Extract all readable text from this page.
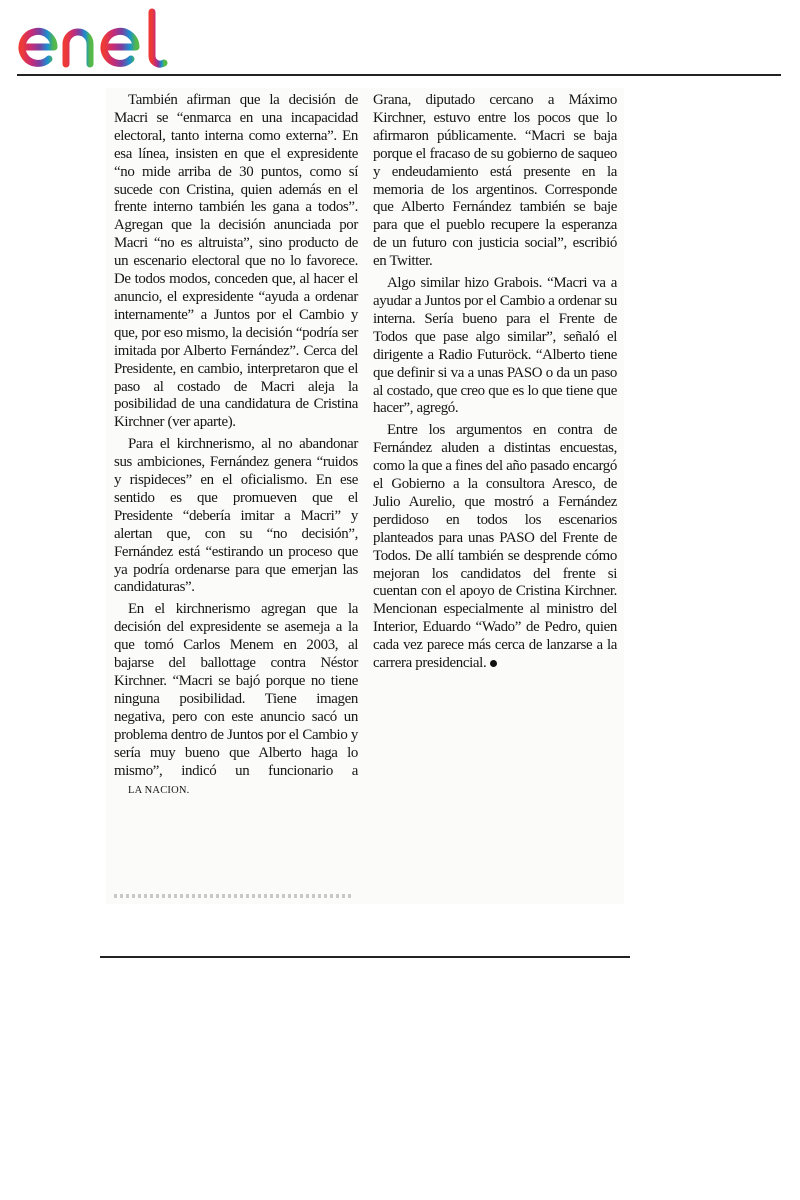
También afirman que la decisión de Macri se “enmarca en una incapacidad electoral, tanto interna como externa”. En esa línea, insisten en que el expresidente “no mide arriba de 30 puntos, como sí sucede con Cristina, quien además en el frente interno también les gana a todos”. Agregan que la decisión anunciada por Macri “no es altruista”, sino producto de un escenario electoral que no lo favorece. De todos modos, conceden que, al hacer el anuncio, el expresidente “ayuda a ordenar internamente” a Juntos por el Cambio y que, por eso mismo, la decisión “podría ser imitada por Alberto Fernández”. Cerca del Presidente, en cambio, interpretaron que el paso al costado de Macri aleja la posibilidad de una candidatura de Cristina Kirchner (ver aparte).

Para el kirchnerismo, al no abandonar sus ambiciones, Fernández genera “ruidos y rispideces” en el oficialismo. En ese sentido es que promueven que el Presidente “debería imitar a Macri” y alertan que, con su “no decisión”, Fernández está “estirando un proceso que ya podría ordenarse para que emerjan las candidaturas”.

En el kirchnerismo agregan que la decisión del expresidente se asemeja a la que tomó Carlos Menem en 2003, al bajarse del ballottage contra Néstor Kirchner. “Macri se bajó porque no tiene ninguna posibilidad. Tiene imagen negativa, pero con este anuncio sacó un problema dentro de Juntos por el Cambio y sería muy bueno que Alberto haga lo mismo”, indicó un funcionario a LA NACION.

Grana, diputado cercano a Máximo Kirchner, estuvo entre los pocos que lo afirmaron públicamente. “Macri se baja porque el fracaso de su gobierno de saqueo y endeudamiento está presente en la memoria de los argentinos. Corresponde que Alberto Fernández también se baje para que el pueblo recupere la esperanza de un futuro con justicia social”, escribió en Twitter.

Algo similar hizo Grabois. “Macri va a ayudar a Juntos por el Cambio a ordenar su interna. Sería bueno para el Frente de Todos que pase algo similar”, señaló el dirigente a Radio Futuröck. “Alberto tiene que definir si va a unas PASO o da un paso al costado, que creo que es lo que tiene que hacer”, agregó.

Entre los argumentos en contra de Fernández aluden a distintas encuestas, como la que a fines del año pasado encargó el Gobierno a la consultora Aresco, de Julio Aurelio, que mostró a Fernández perdidoso en todos los escenarios planteados para unas PASO del Frente de Todos. De allí también se desprende cómo mejoran los candidatos del frente si cuentan con el apoyo de Cristina Kirchner. Mencionan especialmente al ministro del Interior, Eduardo “Wado” de Pedro, quien cada vez parece más cerca de lanzarse a la carrera presidencial.
